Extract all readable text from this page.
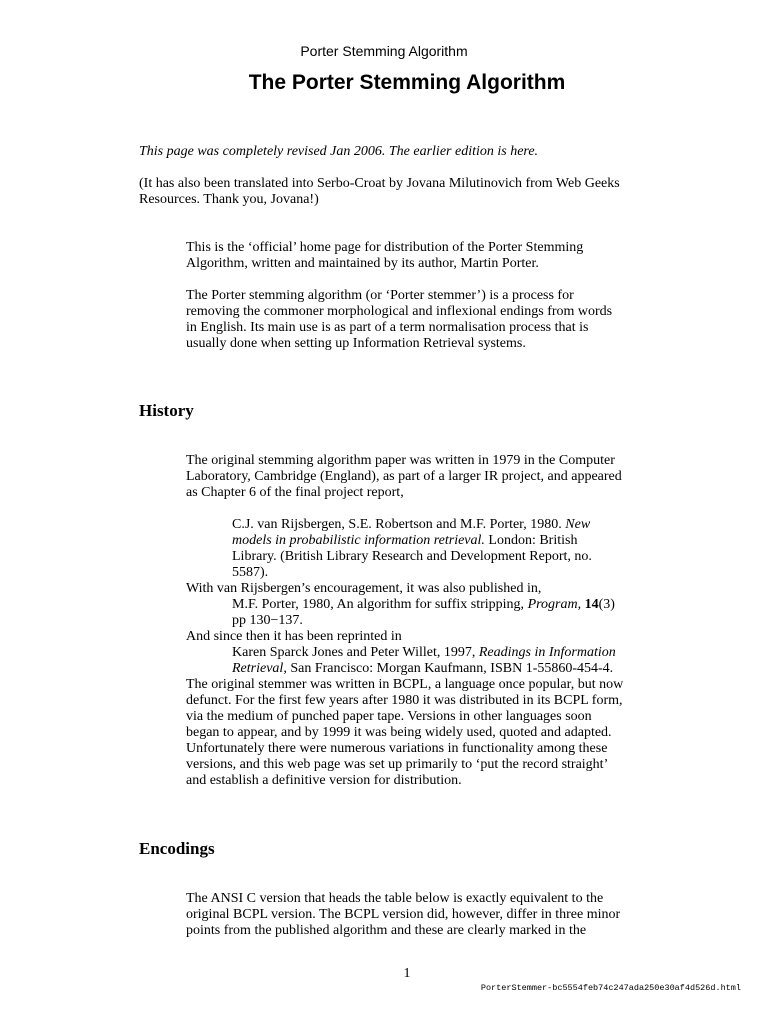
Porter Stemming Algorithm
The Porter Stemming Algorithm

This page was completely revised Jan 2006. The earlier edition is here.

(It has also been translated into Serbo-Croat by Jovana Milutinovich from Web Geeks Resources. Thank you, Jovana!)

This is the ‘official’ home page for distribution of the Porter Stemming Algorithm, written and maintained by its author, Martin Porter.

The Porter stemming algorithm (or ‘Porter stemmer’) is a process for removing the commoner morphological and inflexional endings from words in English. Its main use is as part of a term normalisation process that is usually done when setting up Information Retrieval systems.

History

The original stemming algorithm paper was written in 1979 in the Computer Laboratory, Cambridge (England), as part of a larger IR project, and appeared as Chapter 6 of the final project report,

C.J. van Rijsbergen, S.E. Robertson and M.F. Porter, 1980. New models in probabilistic information retrieval. London: British Library. (British Library Research and Development Report, no. 5587).

With van Rijsbergen’s encouragement, it was also published in,

M.F. Porter, 1980, An algorithm for suffix stripping, Program, 14(3) pp 130−137.

And since then it has been reprinted in

Karen Sparck Jones and Peter Willet, 1997, Readings in Information Retrieval, San Francisco: Morgan Kaufmann, ISBN 1-55860-454-4.

The original stemmer was written in BCPL, a language once popular, but now defunct. For the first few years after 1980 it was distributed in its BCPL form, via the medium of punched paper tape. Versions in other languages soon began to appear, and by 1999 it was being widely used, quoted and adapted. Unfortunately there were numerous variations in functionality among these versions, and this web page was set up primarily to ‘put the record straight’ and establish a definitive version for distribution.

Encodings

The ANSI C version that heads the table below is exactly equivalent to the original BCPL version. The BCPL version did, however, differ in three minor points from the published algorithm and these are clearly marked in the

1
PorterStemmer-bc5554feb74c247ada250e30af4d526d.html
